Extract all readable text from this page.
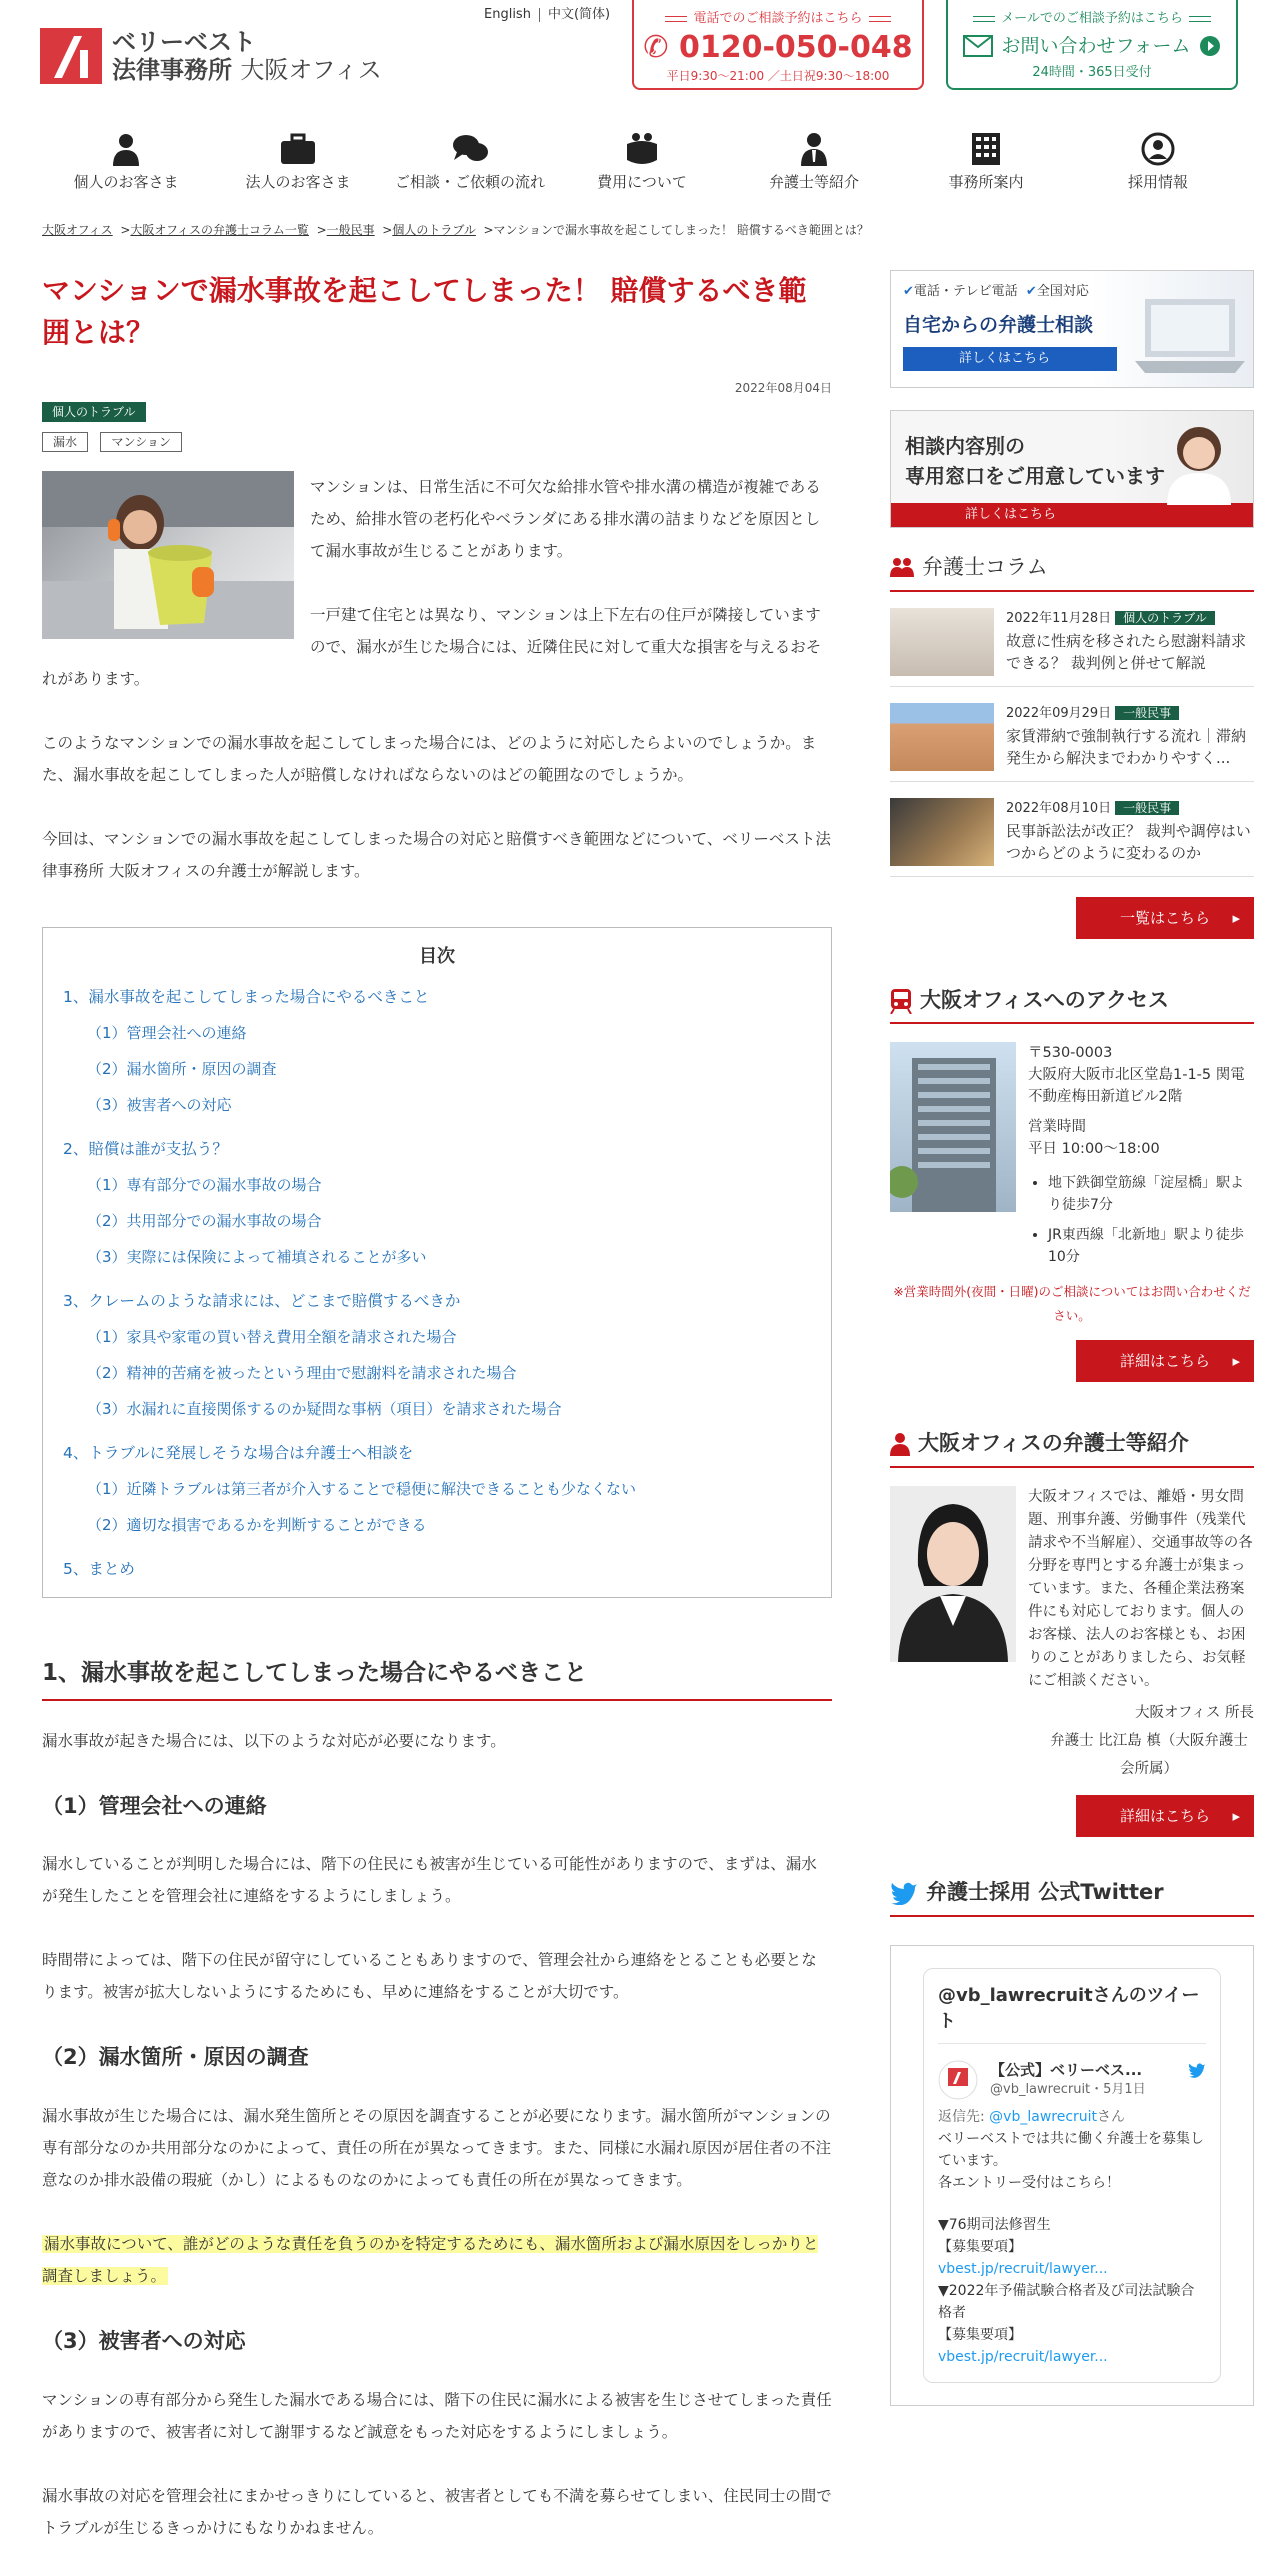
ベリーベスト
法律事務所 大阪オフィス
English	中文(简体)	電話でのご相談予約はこちら
✆ 0120-050-048
平日9:30〜21:00 ／土日祝9:30〜18:00
メールでのご相談予約はこちら
お問い合わせフォーム
24時間・365日受付
個人のお客さま	法人のお客さま	ご相談・ご依頼の流れ	費用について	弁護士等紹介	事務所案内	採用情報
大阪オフィス  >大阪オフィスの弁護士コラム一覧  >一般民事  >個人のトラブル  >マンションで漏水事故を起こしてしまった！ 賠償するべき範囲とは？
マンションで漏水事故を起こしてしまった！ 賠償するべき範囲とは？
2022年08月04日
個人のトラブル
漏水	マンション

マンションは、日常生活に不可欠な給排水管や排水溝の構造が複雑であるため、給排水管の老朽化やベランダにある排水溝の詰まりなどを原因として漏水事故が生じることがあります。

一戸建て住宅とは異なり、マンションは上下左右の住戸が隣接していますので、漏水が生じた場合には、近隣住民に対して重大な損害を与えるおそれがあります。

このようなマンションでの漏水事故を起こしてしまった場合には、どのように対応したらよいのでしょうか。また、漏水事故を起こしてしまった人が賠償しなければならないのはどの範囲なのでしょうか。

今回は、マンションでの漏水事故を起こしてしまった場合の対応と賠償すべき範囲などについて、ベリーベスト法律事務所 大阪オフィスの弁護士が解説します。

目次
1、漏水事故を起こしてしまった場合にやるべきこと
（1）管理会社への連絡
（2）漏水箇所・原因の調査
（3）被害者への対応
2、賠償は誰が支払う？
（1）専有部分での漏水事故の場合
（2）共用部分での漏水事故の場合
（3）実際には保険によって補填されることが多い
3、クレームのような請求には、どこまで賠償するべきか
（1）家具や家電の買い替え費用全額を請求された場合
（2）精神的苦痛を被ったという理由で慰謝料を請求された場合
（3）水漏れに直接関係するのか疑問な事柄（項目）を請求された場合
4、トラブルに発展しそうな場合は弁護士へ相談を
（1）近隣トラブルは第三者が介入することで穏便に解決できることも少なくない
（2）適切な損害であるかを判断することができる
5、まとめ
1、漏水事故を起こしてしまった場合にやるべきこと

漏水事故が起きた場合には、以下のような対応が必要になります。

（1）管理会社への連絡

漏水していることが判明した場合には、階下の住民にも被害が生じている可能性がありますので、まずは、漏水が発生したことを管理会社に連絡をするようにしましょう。

時間帯によっては、階下の住民が留守にしていることもありますので、管理会社から連絡をとることも必要となります。被害が拡大しないようにするためにも、早めに連絡をすることが大切です。

（2）漏水箇所・原因の調査

漏水事故が生じた場合には、漏水発生箇所とその原因を調査することが必要になります。漏水箇所がマンションの専有部分なのか共用部分なのかによって、責任の所在が異なってきます。また、同様に水漏れ原因が居住者の不注意なのか排水設備の瑕疵（かし）によるものなのかによっても責任の所在が異なってきます。

漏水事故について、誰がどのような責任を負うのかを特定するためにも、漏水箇所および漏水原因をしっかりと調査しましょう。

（3）被害者への対応

マンションの専有部分から発生した漏水である場合には、階下の住民に漏水による被害を生じさせてしまった責任がありますので、被害者に対して謝罪するなど誠意をもった対応をするようにしましょう。

漏水事故の対応を管理会社にまかせっきりにしていると、被害者としても不満を募らせてしまい、住民同士の間でトラブルが生じるきっかけにもなりかねません。

✔電話・テレビ電話 ✔全国対応
自宅からの弁護士相談
詳しくはこちら
相談内容別の
専用窓口をご用意しています
詳しくはこちら
弁護士コラム
2022年11月28日 個人のトラブル
故意に性病を移されたら慰謝料請求できる？ 裁判例と併せて解説
2022年09月29日 一般民事
家賃滞納で強制執行する流れ｜滞納発生から解決までわかりやすく...
2022年08月10日 一般民事
民事訴訟法が改正？ 裁判や調停はいつからどのように変わるのか
一覧はこちら ▸
大阪オフィスへのアクセス
〒530-0003
大阪府大阪市北区堂島1-1-5 関電不動産梅田新道ビル2階
営業時間
平日 10:00～18:00
• 地下鉄御堂筋線「淀屋橋」駅より徒歩7分
• JR東西線「北新地」駅より徒歩10分
※営業時間外(夜間・日曜)のご相談についてはお問い合わせください。
詳細はこちら ▸
大阪オフィスの弁護士等紹介
大阪オフィスでは、離婚・男女問題、刑事弁護、労働事件（残業代請求や不当解雇）、交通事故等の各分野を専門とする弁護士が集まっています。また、各種企業法務案件にも対応しております。個人のお客様、法人のお客様とも、お困りのことがありましたら、お気軽にご相談ください。
大阪オフィス 所長
弁護士 比江島 槙（大阪弁護士会所属）
詳細はこちら ▸
弁護士採用 公式Twitter
@vb_lawrecruitさんのツイート
【公式】ベリーベス...
@vb_lawrecruit・5月1日
返信先: @vb_lawrecruitさん
ベリーベストでは共に働く弁護士を募集しています。
各エントリー受付はこちら！
▼76期司法修習生
【募集要項】
vbest.jp/recruit/lawyer...
▼2022年予備試験合格者及び司法試験合格者
【募集要項】
vbest.jp/recruit/lawyer...
